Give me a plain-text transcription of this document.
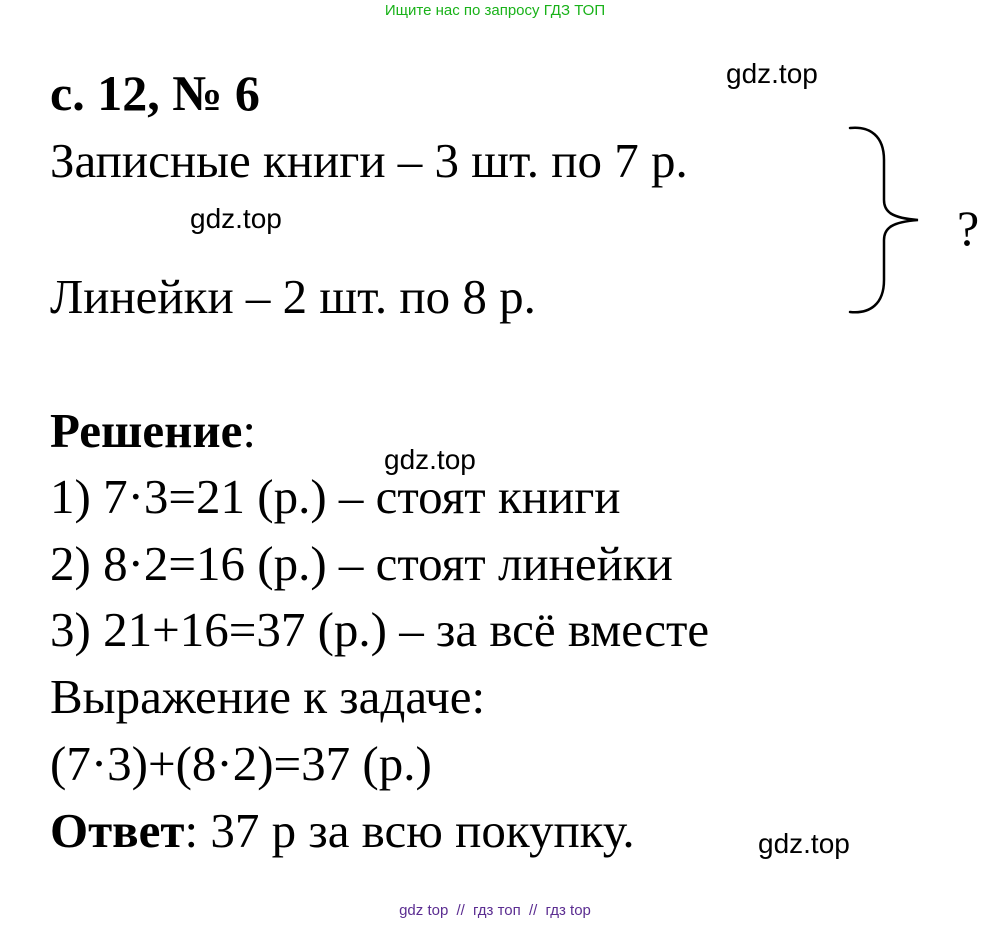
Ищите нас по запросу ГДЗ ТОП
с. 12, № 6	gdz.top
gdz.top
gdz.top
gdz.top
Записные книги – 3 шт. по 7 р.
Линейки – 2 шт. по 8 р.
?
Решение:
1) 7·3=21 (р.) – стоят книги
2) 8·2=16 (р.) – стоят линейки
3) 21+16=37 (р.) – за всё вместе
Выражение к задаче:
(7·3)+(8·2)=37 (р.)
Ответ: 37 р за всю покупку.
gdz top // гдз топ // гдз top
